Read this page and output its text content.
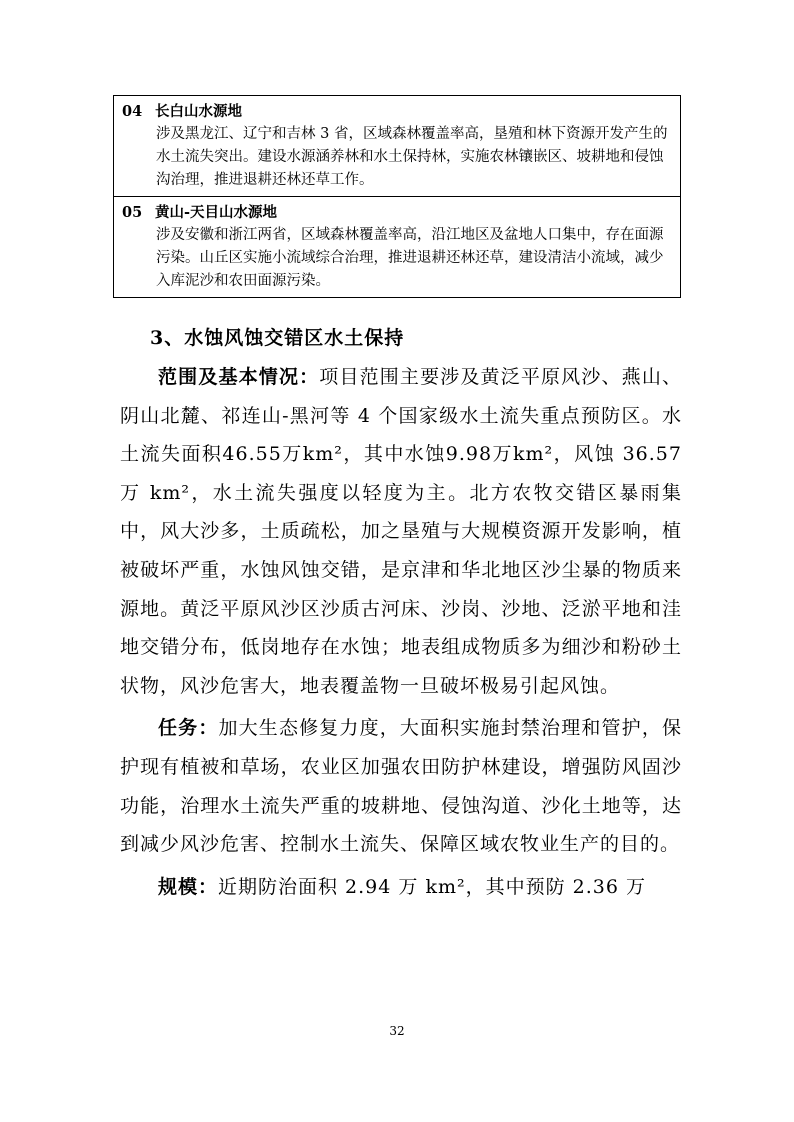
04 长白山水源地
涉及黑龙江、辽宁和吉林 3 省，区域森林覆盖率高，垦殖和林下资源开发产生的水土流失突出。建设水源涵养林和水土保持林，实施农林镶嵌区、坡耕地和侵蚀沟治理，推进退耕还林还草工作。
05 黄山-天目山水源地
涉及安徽和浙江两省，区域森林覆盖率高，沿江地区及盆地人口集中，存在面源污染。山丘区实施小流域综合治理，推进退耕还林还草，建设清洁小流域，减少入库泥沙和农田面源污染。
3、水蚀风蚀交错区水土保持

范围及基本情况：项目范围主要涉及黄泛平原风沙、燕山、阴山北麓、祁连山-黑河等 4 个国家级水土流失重点预防区。水土流失面积46.55万km²，其中水蚀9.98万km²，风蚀 36.57 万 km²，水土流失强度以轻度为主。北方农牧交错区暴雨集中，风大沙多，土质疏松，加之垦殖与大规模资源开发影响，植被破坏严重，水蚀风蚀交错，是京津和华北地区沙尘暴的物质来源地。黄泛平原风沙区沙质古河床、沙岗、沙地、泛淤平地和洼地交错分布，低岗地存在水蚀；地表组成物质多为细沙和粉砂土状物，风沙危害大，地表覆盖物一旦破坏极易引起风蚀。

任务：加大生态修复力度，大面积实施封禁治理和管护，保护现有植被和草场，农业区加强农田防护林建设，增强防风固沙功能，治理水土流失严重的坡耕地、侵蚀沟道、沙化土地等，达到减少风沙危害、控制水土流失、保障区域农牧业生产的目的。

规模：近期防治面积 2.94 万 km²，其中预防 2.36 万

32
